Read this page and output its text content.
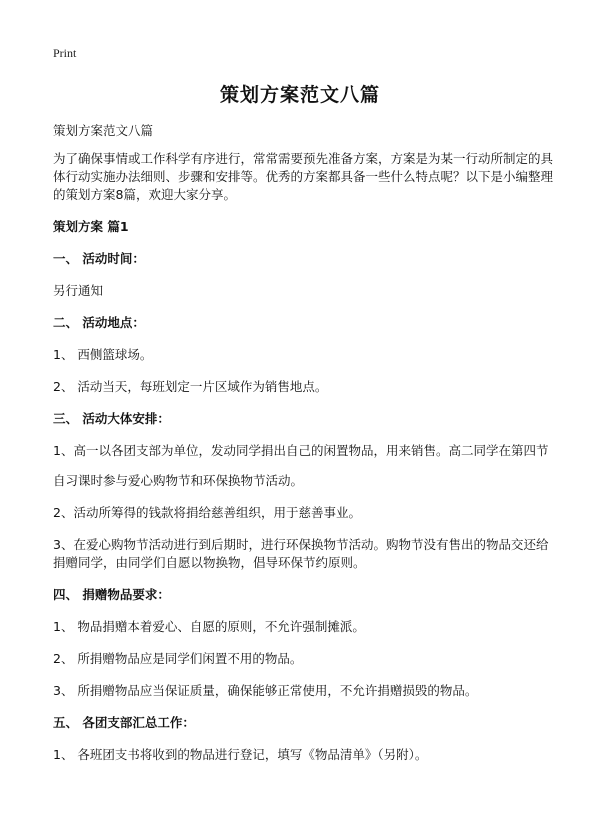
Print
策划方案范文八篇

策划方案范文八篇

为了确保事情或工作科学有序进行，常常需要预先准备方案，方案是为某一行动所制定的具体行动实施办法细则、步骤和安排等。优秀的方案都具备一些什么特点呢？以下是小编整理的策划方案8篇，欢迎大家分享。

策划方案 篇1

一、 活动时间：

另行通知

二、 活动地点：

1、 西侧篮球场。

2、 活动当天，每班划定一片区域作为销售地点。

三、 活动大体安排：

1、高一以各团支部为单位，发动同学捐出自己的闲置物品，用来销售。高二同学在第四节

自习课时参与爱心购物节和环保换物节活动。

2、活动所筹得的钱款将捐给慈善组织，用于慈善事业。

3、在爱心购物节活动进行到后期时，进行环保换物节活动。购物节没有售出的物品交还给捐赠同学，由同学们自愿以物换物，倡导环保节约原则。

四、 捐赠物品要求：

1、 物品捐赠本着爱心、自愿的原则，不允许强制摊派。

2、 所捐赠物品应是同学们闲置不用的物品。

3、 所捐赠物品应当保证质量，确保能够正常使用，不允许捐赠损毁的物品。

五、 各团支部汇总工作：

1、 各班团支书将收到的物品进行登记，填写《物品清单》（另附）。
